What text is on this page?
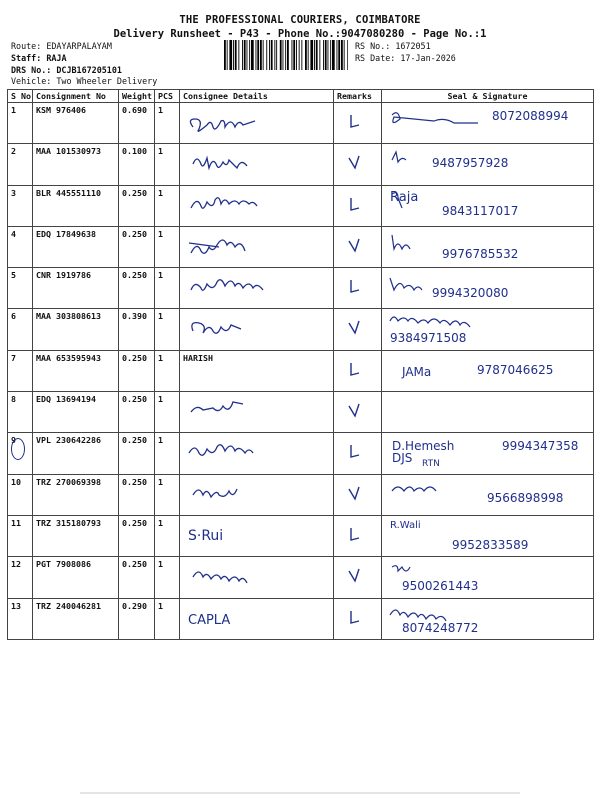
THE PROFESSIONAL COURIERS, COIMBATORE
Delivery Runsheet - P43 - Phone No.:9047080280 - Page No.:1
Route: EDAYARPALAYAM
Staff: RAJA
DRS No.: DCJB167205101
Vehicle: Two Wheeler Delivery
RS No.: 1672051
RS Date: 17-Jan-2026
S No	Consignment No	Weight	PCS	Consignee Details	Remarks	Seal & Signature
1	KSM 976406	0.690	1			8072088994

2	MAA 101530973	0.100	1			9487957928

3	BLR 445551110	0.250	1			9843117017
Raja

4	EDQ 17849638	0.250	1			9976785532

5	CNR 1919786	0.250	1			9994320080

6	MAA 303808613	0.390	1			9384971508

7	MAA 653595943	0.250	1	HARISH		9787046625
JAMa

8	EDQ 13694194	0.250	1	

9	VPL 230642286	0.250	1			9994347358
D.Hemesh
DJS RTN

10	TRZ 270069398	0.250	1			9566898998

11	TRZ 315180793	0.250	1	S·Rui		9952833589
R.Wali

12	PGT 7908086	0.250	1			9500261443

13	TRZ 240046281	0.290	1	CAPLA		8074248772
